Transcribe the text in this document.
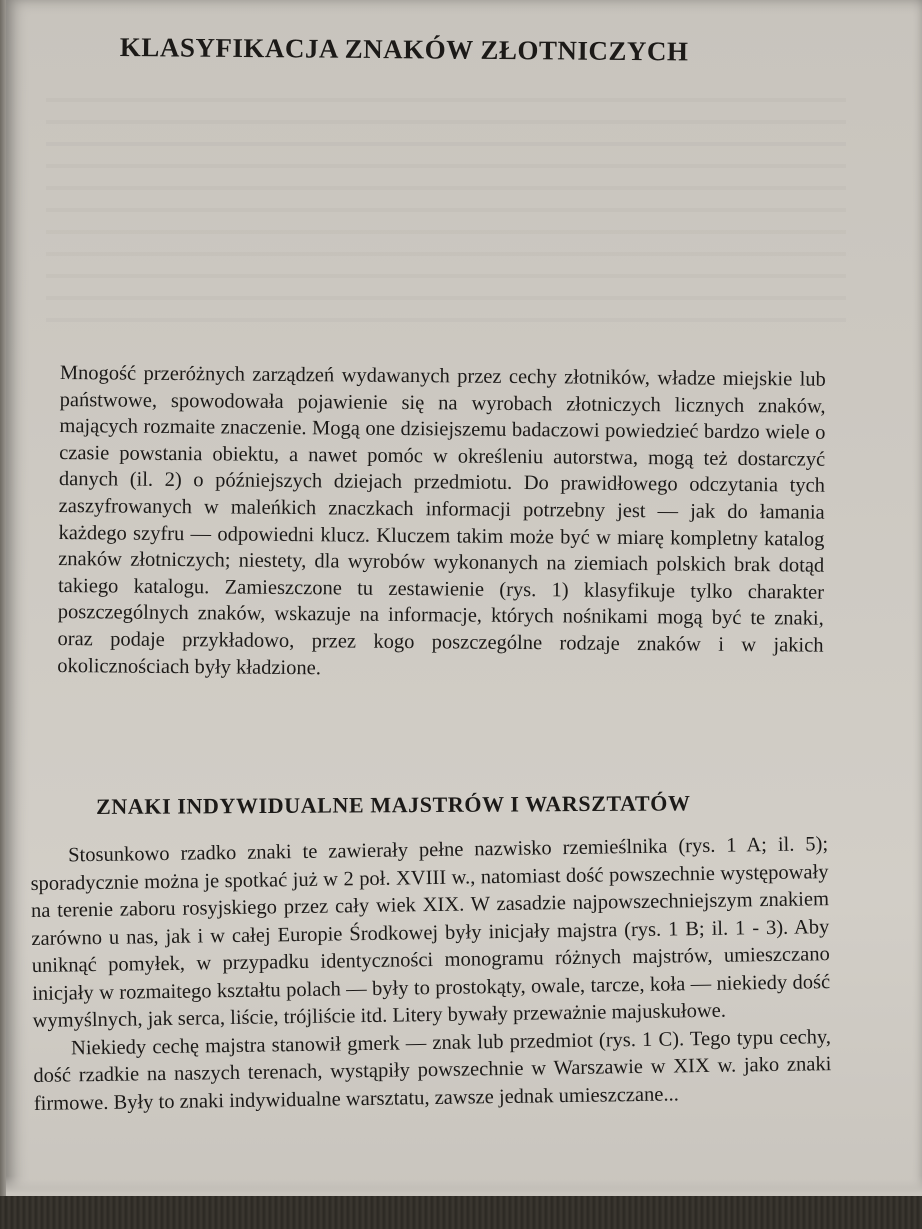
KLASYFIKACJA ZNAKÓW ZŁOTNICZYCH
Mnogość przeróżnych zarządzeń wydawanych przez cechy złotników, władze miejskie lub państwowe, spowodowała pojawienie się na wyrobach złotniczych licznych znaków, mających rozmaite znaczenie. Mogą one dzisiejszemu badaczowi powiedzieć bardzo wiele o czasie powstania obiektu, a nawet pomóc w określeniu autorstwa, mogą też dostarczyć danych (il. 2) o późniejszych dziejach przedmiotu. Do prawidłowego odczytania tych zaszyfrowanych w maleńkich znaczkach informacji potrzebny jest — jak do łamania każdego szyfru — odpowiedni klucz. Kluczem takim może być w miarę kompletny katalog znaków złotniczych; niestety, dla wyrobów wykonanych na ziemiach polskich brak dotąd takiego katalogu. Zamieszczone tu zestawienie (rys. 1) klasyfikuje tylko charakter poszczególnych znaków, wskazuje na informacje, których nośnikami mogą być te znaki, oraz podaje przykładowo, przez kogo poszczególne rodzaje znaków i w jakich okolicznościach były kładzione.
ZNAKI INDYWIDUALNE MAJSTRÓW I WARSZTATÓW

Stosunkowo rzadko znaki te zawierały pełne nazwisko rzemieślnika (rys. 1 A; il. 5); sporadycznie można je spotkać już w 2 poł. XVIII w., natomiast dość powszechnie występowały na terenie zaboru rosyjskiego przez cały wiek XIX. W zasadzie najpowszechniejszym znakiem zarówno u nas, jak i w całej Europie Środkowej były inicjały majstra (rys. 1 B; il. 1 - 3). Aby uniknąć pomyłek, w przypadku identyczności monogramu różnych majstrów, umieszczano inicjały w rozmaitego kształtu polach — były to prostokąty, owale, tarcze, koła — niekiedy dość wymyślnych, jak serca, liście, trójliście itd. Litery bywały przeważnie majuskułowe.

Niekiedy cechę majstra stanowił gmerk — znak lub przedmiot (rys. 1 C). Tego typu cechy, dość rzadkie na naszych terenach, wystąpiły powszechnie w Warszawie w XIX w. jako znaki firmowe. Były to znaki indywidualne warsztatu, zawsze jednak umieszczane...
